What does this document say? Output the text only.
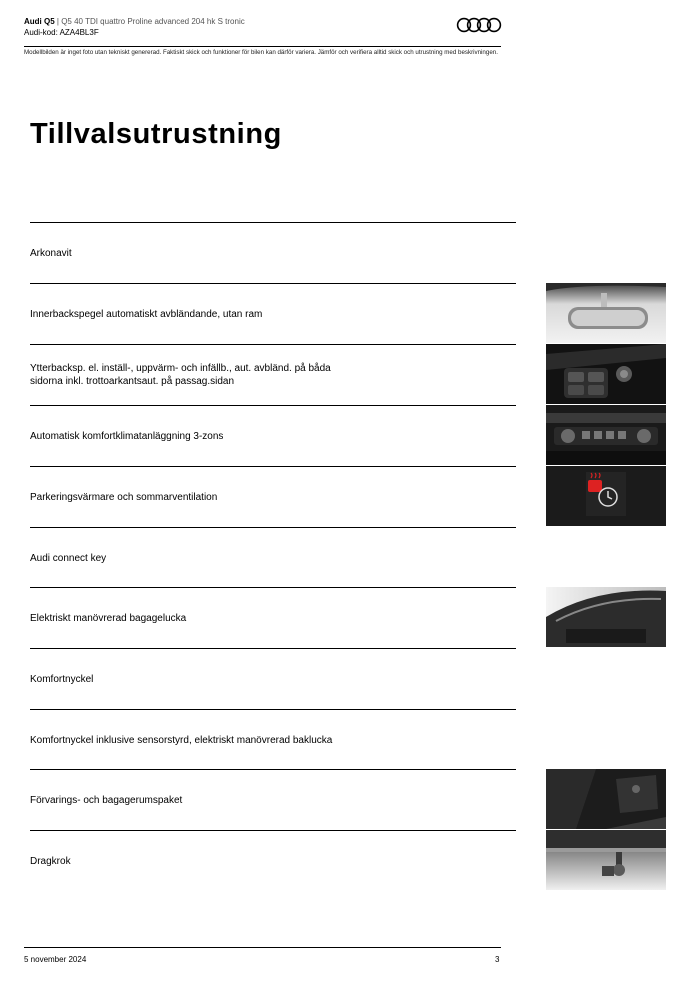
Audi Q5 | Q5 40 TDI quattro Proline advanced 204 hk S tronic
Audi-kod: AZA4BL3F
Modellbilden är inget foto utan tekniskt genererad. Faktiskt skick och funktioner för bilen kan därför variera. Jämför och verifiera alltid skick och utrustning med beskrivningen.
Tillvalsutrustning
Arkonavit
Innerbackspegel automatiskt avbländande, utan ram
Ytterbacksp. el. inställ-, uppvärm- och infällb., aut. avbländ. på båda sidorna inkl. trottoarkantsaut. på passag.sidan
Automatisk komfortklimatanläggning 3-zons
Parkeringsvärmare och sommarventilation
Audi connect key
Elektriskt manövrerad bagagelucka
Komfortnyckel
Komfortnyckel inklusive sensorstyrd, elektriskt manövrerad baklucka
Förvarings- och bagagerumspaket
Dragkrok
5 november 2024	3
